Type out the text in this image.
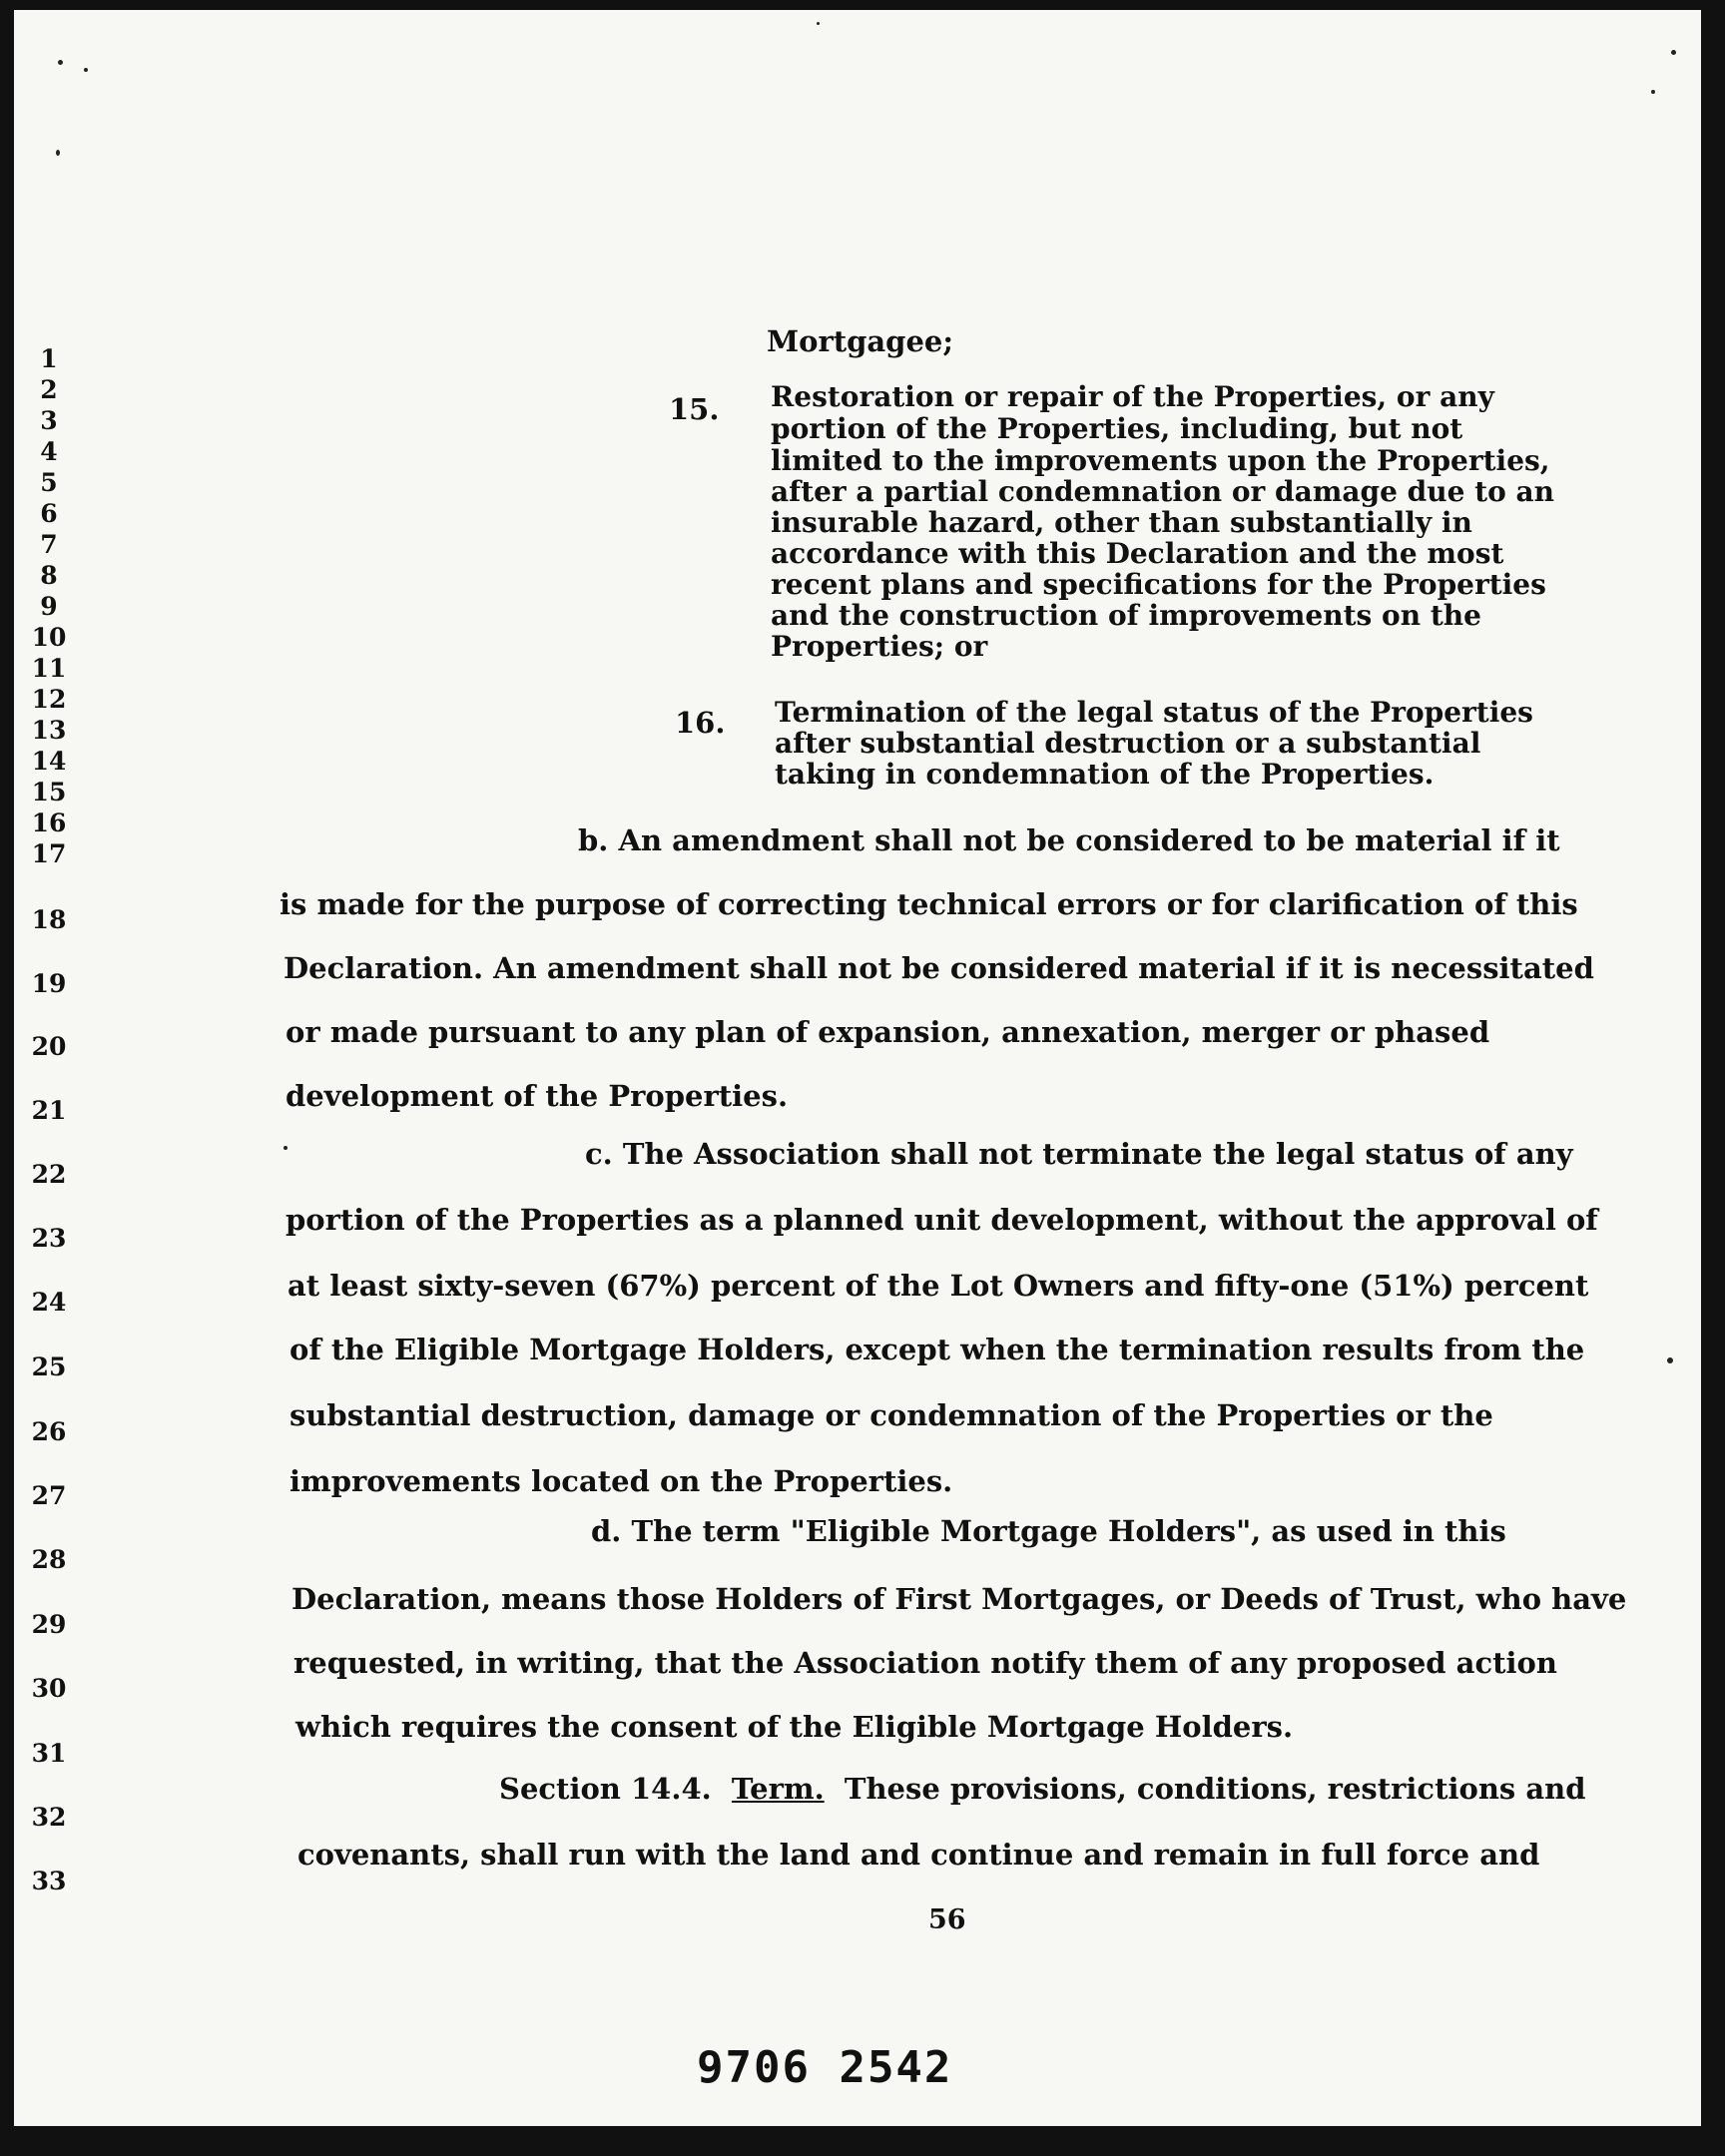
1
2
3
4
5
6
7
8
9
10
11
12
13
14
15
16
17
18
19
20
21
22
23
24
25
26
27
28
29
30
31
32
33
Mortgagee;
15. Restoration or repair of the Properties, or any
portion of the Properties, including, but not
limited to the improvements upon the Properties,
after a partial condemnation or damage due to an
insurable hazard, other than substantially in
accordance with this Declaration and the most
recent plans and specifications for the Properties
and the construction of improvements on the
Properties; or
16. Termination of the legal status of the Properties
after substantial destruction or a substantial
taking in condemnation of the Properties.
b. An amendment shall not be considered to be material if it
is made for the purpose of correcting technical errors or for clarification of this
Declaration. An amendment shall not be considered material if it is necessitated
or made pursuant to any plan of expansion, annexation, merger or phased
development of the Properties.
c. The Association shall not terminate the legal status of any
portion of the Properties as a planned unit development, without the approval of
at least sixty-seven (67%) percent of the Lot Owners and fifty-one (51%) percent
of the Eligible Mortgage Holders, except when the termination results from the
substantial destruction, damage or condemnation of the Properties or the
improvements located on the Properties.
d. The term "Eligible Mortgage Holders", as used in this
Declaration, means those Holders of First Mortgages, or Deeds of Trust, who have
requested, in writing, that the Association notify them of any proposed action
which requires the consent of the Eligible Mortgage Holders.
Section 14.4. Term. These provisions, conditions, restrictions and
covenants, shall run with the land and continue and remain in full force and
56
9706 2542
